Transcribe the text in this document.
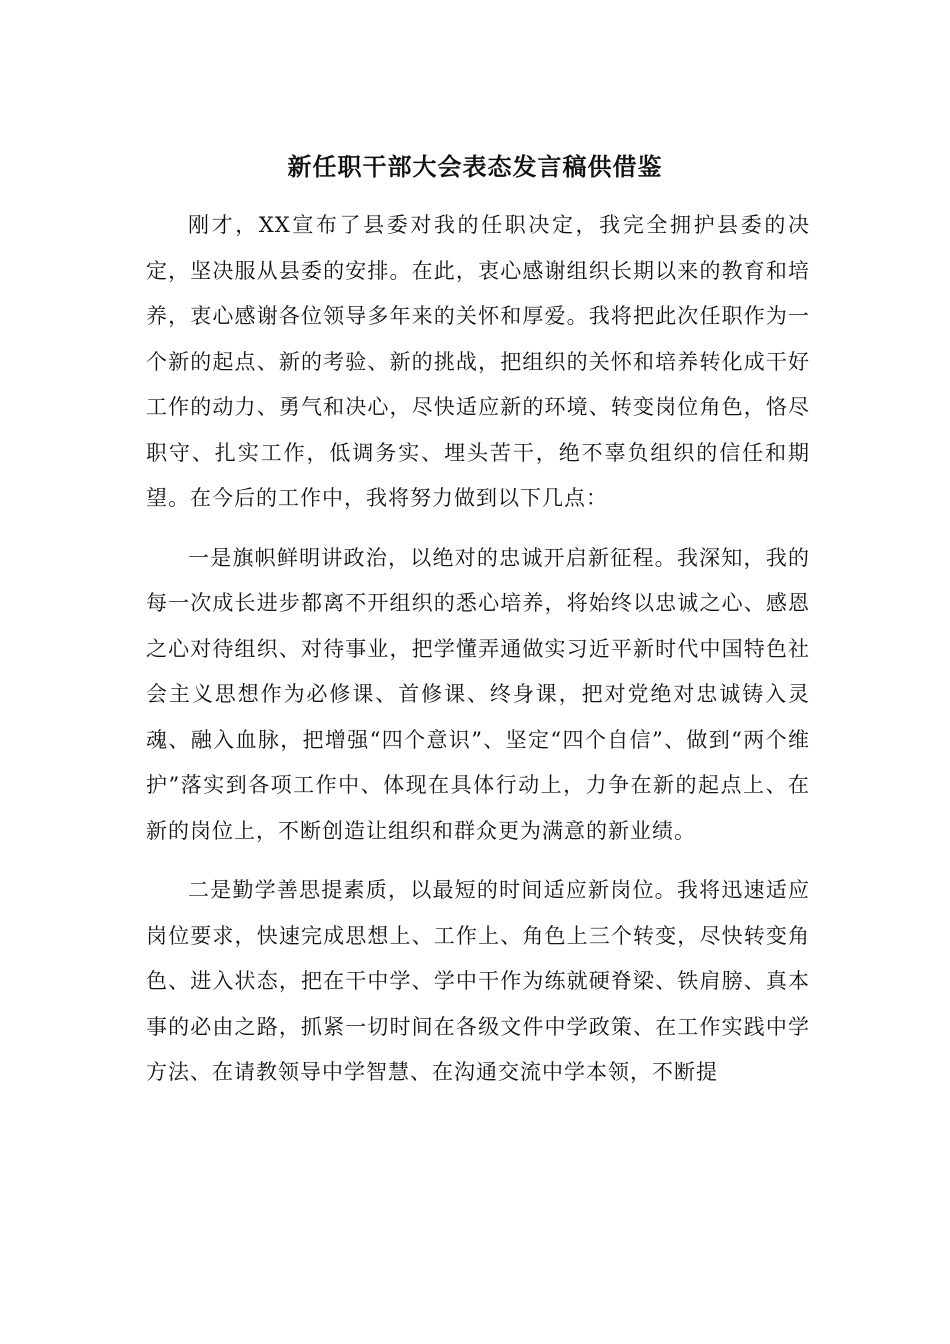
新任职干部大会表态发言稿供借鉴

刚才，XX宣布了县委对我的任职决定，我完全拥护县委的决定，坚决服从县委的安排。在此，衷心感谢组织长期以来的教育和培养，衷心感谢各位领导多年来的关怀和厚爱。我将把此次任职作为一个新的起点、新的考验、新的挑战，把组织的关怀和培养转化成干好工作的动力、勇气和决心，尽快适应新的环境、转变岗位角色，恪尽职守、扎实工作，低调务实、埋头苦干，绝不辜负组织的信任和期望。在今后的工作中，我将努力做到以下几点：

一是旗帜鲜明讲政治，以绝对的忠诚开启新征程。我深知，我的每一次成长进步都离不开组织的悉心培养，将始终以忠诚之心、感恩之心对待组织、对待事业，把学懂弄通做实习近平新时代中国特色社会主义思想作为必修课、首修课、终身课，把对党绝对忠诚铸入灵魂、融入血脉，把增强“四个意识”、坚定“四个自信”、做到“两个维护”落实到各项工作中、体现在具体行动上，力争在新的起点上、在新的岗位上，不断创造让组织和群众更为满意的新业绩。

二是勤学善思提素质，以最短的时间适应新岗位。我将迅速适应岗位要求，快速完成思想上、工作上、角色上三个转变，尽快转变角色、进入状态，把在干中学、学中干作为练就硬脊梁、铁肩膀、真本事的必由之路，抓紧一切时间在各级文件中学政策、在工作实践中学方法、在请教领导中学智慧、在沟通交流中学本领，不断提
